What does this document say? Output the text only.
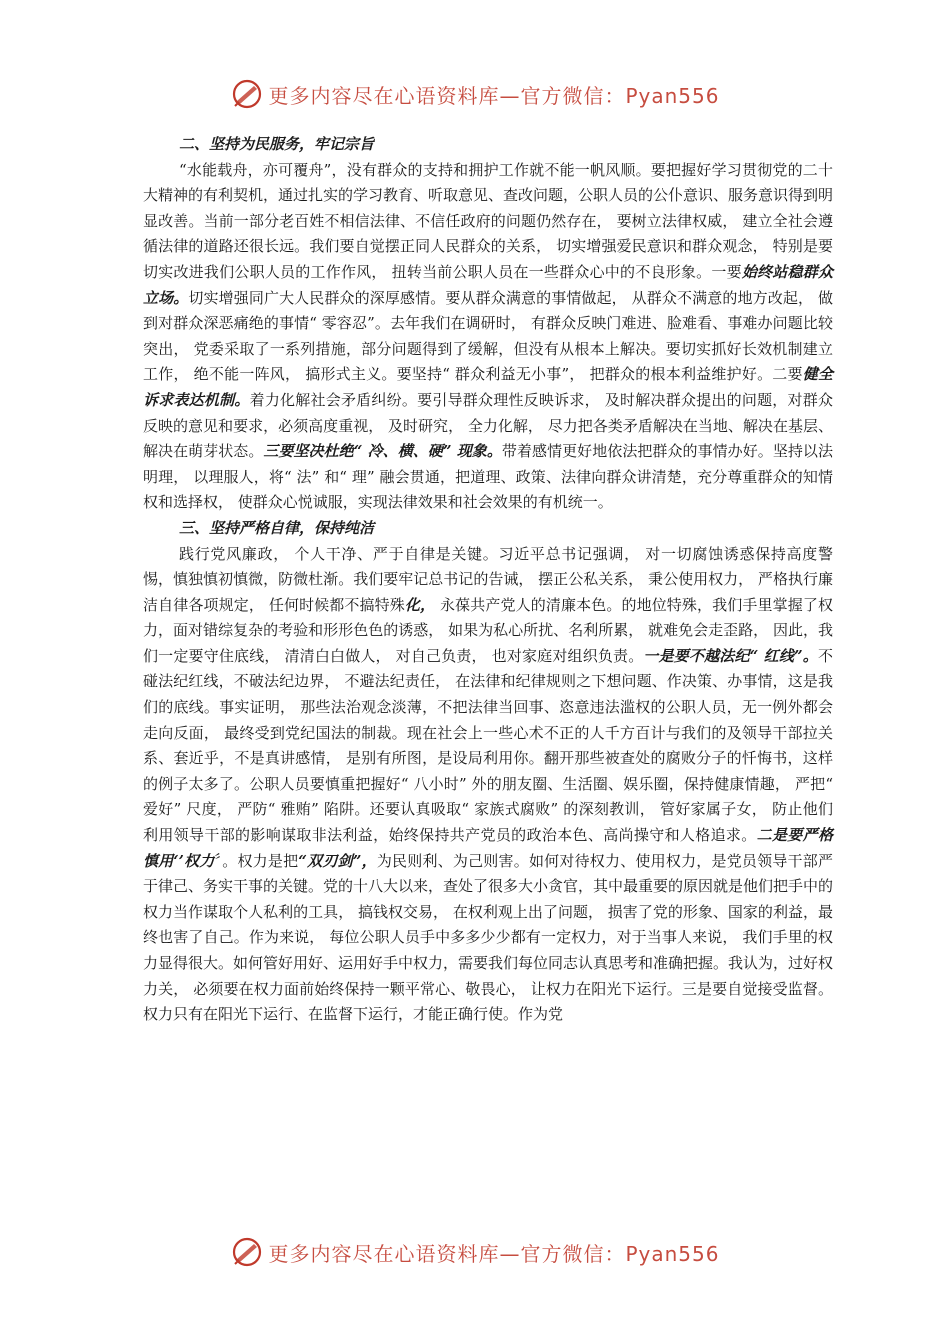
更多内容尽在心语资料库—官方微信：Pyan556

二、坚持为民服务，牢记宗旨

“水能载舟，亦可覆舟”，没有群众的支持和拥护工作就不能一帆风顺。要把握好学习贯彻党的二十大精神的有利契机，通过扎实的学习教育、听取意见、查改问题，公职人员的公仆意识、服务意识得到明显改善。当前一部分老百姓不相信法律、不信任政府的问题仍然存在， 要树立法律权威， 建立全社会遵循法律的道路还很长远。我们要自觉摆正同人民群众的关系， 切实增强爱民意识和群众观念， 特别是要切实改进我们公职人员的工作作风， 扭转当前公职人员在一些群众心中的不良形象。一要始终站稳群众立场。切实增强同广大人民群众的深厚感情。要从群众满意的事情做起， 从群众不满意的地方改起， 做到对群众深恶痛绝的事情“ 零容忍”。去年我们在调研时， 有群众反映门难进、脸难看、事难办问题比较突出， 党委采取了一系列措施，部分问题得到了缓解，但没有从根本上解决。要切实抓好长效机制建立工作， 绝不能一阵风， 搞形式主义。要坚持“ 群众利益无小事”， 把群众的根本利益维护好。二要健全诉求表达机制。着力化解社会矛盾纠纷。要引导群众理性反映诉求， 及时解决群众提出的问题，对群众反映的意见和要求，必须高度重视， 及时研究， 全力化解， 尽力把各类矛盾解决在当地、解决在基层、解决在萌芽状态。三要坚决杜绝“ 冷、横、硬” 现象。带着感情更好地依法把群众的事情办好。坚持以法明理， 以理服人，将“ 法” 和“ 理” 融会贯通，把道理、政策、法律向群众讲清楚，充分尊重群众的知情权和选择权， 使群众心悦诚服，实现法律效果和社会效果的有机统一。

三、坚持严格自律，保持纯洁

践行党风廉政， 个人干净、严于自律是关键。习近平总书记强调， 对一切腐蚀诱惑保持高度警惕，慎独慎初慎微，防微杜渐。我们要牢记总书记的告诫， 摆正公私关系， 秉公使用权力， 严格执行廉洁自律各项规定， 任何时候都不搞特殊化， 永葆共产党人的清廉本色。的地位特殊，我们手里掌握了权力，面对错综复杂的考验和形形色色的诱惑， 如果为私心所扰、名利所累， 就难免会走歪路， 因此，我们一定要守住底线， 清清白白做人， 对自己负责， 也对家庭对组织负责。一是要不越法纪“ 红线”。不碰法纪红线，不破法纪边界， 不避法纪责任， 在法律和纪律规则之下想问题、作决策、办事情，这是我们的底线。事实证明， 那些法治观念淡薄，不把法律当回事、恣意违法滥权的公职人员，无一例外都会走向反面， 最终受到党纪国法的制裁。现在社会上一些心术不正的人千方百计与我们的及领导干部拉关系、套近乎，不是真讲感情， 是别有所图，是设局利用你。翻开那些被查处的腐败分子的忏悔书，这样的例子太多了。公职人员要慎重把握好“ 八小时” 外的朋友圈、生活圈、娱乐圈，保持健康情趣， 严把“ 爱好” 尺度， 严防“ 雅贿” 陷阱。还要认真吸取“ 家族式腐败” 的深刻教训， 管好家属子女， 防止他们利用领导干部的影响谋取非法利益，始终保持共产党员的政治本色、高尚操守和人格追求。二是要严格慎用‘’权力〞。权力是把“双刃剑”，为民则利、为己则害。如何对待权力、使用权力，是党员领导干部严于律己、务实干事的关键。党的十八大以来，查处了很多大小贪官，其中最重要的原因就是他们把手中的权力当作谋取个人私利的工具， 搞钱权交易， 在权利观上出了问题， 损害了党的形象、国家的利益，最终也害了自己。作为来说， 每位公职人员手中多多少少都有一定权力，对于当事人来说， 我们手里的权力显得很大。如何管好用好、运用好手中权力，需要我们每位同志认真思考和准确把握。我认为，过好权力关， 必须要在权力面前始终保持一颗平常心、敬畏心， 让权力在阳光下运行。三是要自觉接受监督。权力只有在阳光下运行、在监督下运行，才能正确行使。作为党

更多内容尽在心语资料库—官方微信：Pyan556
